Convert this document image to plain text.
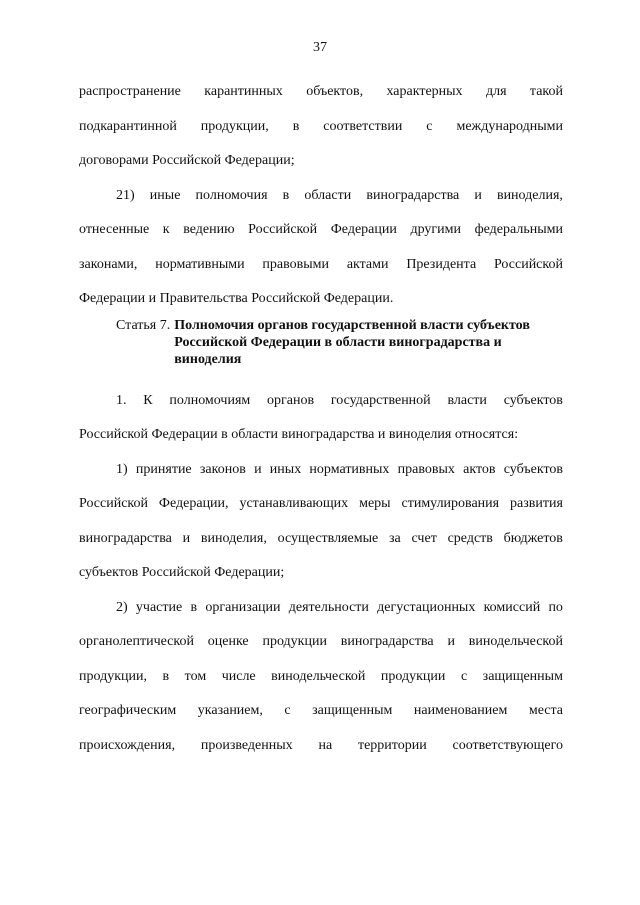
37
распространение карантинных объектов, характерных для такой
подкарантинной продукции, в соответствии с международными
договорами Российской Федерации;
21) иные полномочия в области виноградарства и виноделия,
отнесенные к ведению Российской Федерации другими федеральными
законами, нормативными правовыми актами Президента Российской
Федерации и Правительства Российской Федерации.
Статья 7. Полномочия органов государственной власти субъектов Российской Федерации в области виноградарства и виноделия
1. К полномочиям органов государственной власти субъектов
Российской Федерации в области виноградарства и виноделия относятся:
1) принятие законов и иных нормативных правовых актов субъектов
Российской Федерации, устанавливающих меры стимулирования развития
виноградарства и виноделия, осуществляемые за счет средств бюджетов
субъектов Российской Федерации;
2) участие в организации деятельности дегустационных комиссий по
органолептической оценке продукции виноградарства и винодельческой
продукции, в том числе винодельческой продукции с защищенным
географическим указанием, с защищенным наименованием места
происхождения, произведенных на территории соответствующего
